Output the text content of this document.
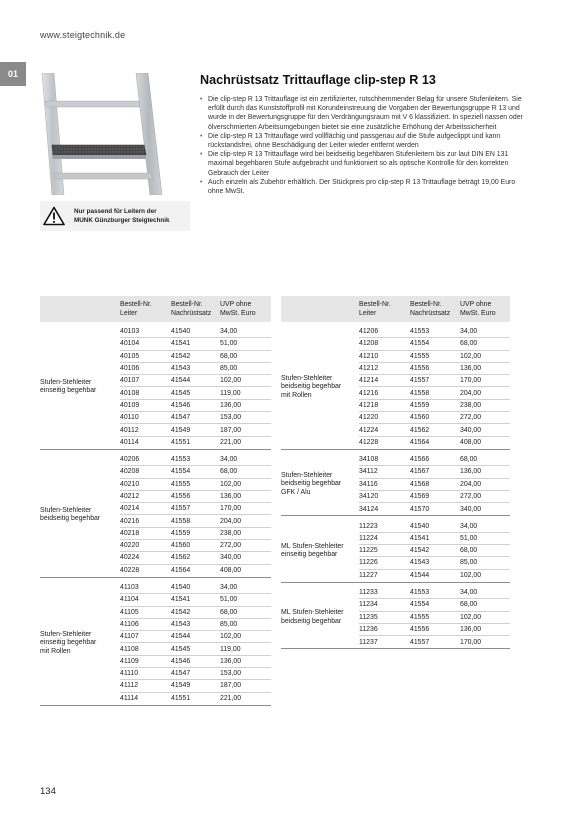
www.steigtechnik.de
01
Nur passend für Leitern der
MUNK Günzburger Steigtechnik
Nachrüstsatz Trittauflage clip-step R 13
• Die clip-step R 13 Trittauflage ist ein zertifizierter, rutschhemmender Belag für unsere Stufenleitern. Sie erfüllt durch das Kunststoffprofil mit Korundeinstreuung die Vorgaben der Bewertungsgruppe R 13 und wurde in der Bewertungsgruppe für den Verdrängungsraum mit V 6 klassifiziert. In speziell nassen oder ölverschmierten Arbeitsumgebungen bietet sie eine zusätzliche Erhöhung der Arbeitssicherheit
• Die clip-step R 13 Trittauflage wird vollflächig und passgenau auf die Stufe aufgeclippt und kann rückstandsfrei, ohne Beschädigung der Leiter wieder entfernt werden
• Die clip-step R 13 Trittauflage wird bei beidseitig begehbaren Stufenleitern bis zur laut DIN EN 131 maximal begehbaren Stufe aufgebracht und funktioniert so als optische Kontrolle für den korrekten Gebrauch der Leiter
• Auch einzeln als Zubehör erhältlich. Der Stückpreis pro clip-step R 13 Trittauflage beträgt 19,00 Euro ohne MwSt.
Bestell-Nr.
Leiter
Bestell-Nr.
Nachrüstsatz
UVP ohne
MwSt. Euro
Stufen-Stehleiter
einseitig begehbar
40103	41540	34,00
40104	41541	51,00
40105	41542	68,00
40106	41543	85,00
40107	41544	102,00
40108	41545	119,00
40109	41546	136,00
40110	41547	153,00
40112	41549	187,00
40114	41551	221,00
Stufen-Stehleiter
beidseitig begehbar
40206	41553	34,00
40208	41554	68,00
40210	41555	102,00
40212	41556	136,00
40214	41557	170,00
40216	41558	204,00
40218	41559	238,00
40220	41560	272,00
40224	41562	340,00
40228	41564	408,00
Stufen-Stehleiter
einseitig begehbar
mit Rollen
41103	41540	34,00
41104	41541	51,00
41105	41542	68,00
41106	41543	85,00
41107	41544	102,00
41108	41545	119,00
41109	41546	136,00
41110	41547	153,00
41112	41549	187,00
41114	41551	221,00
Bestell-Nr.
Leiter
Bestell-Nr.
Nachrüstsatz
UVP ohne
MwSt. Euro
Stufen-Stehleiter
beidseitig begehbar
mit Rollen
41206	41553	34,00
41208	41554	68,00
41210	41555	102,00
41212	41556	136,00
41214	41557	170,00
41216	41558	204,00
41218	41559	238,00
41220	41560	272,00
41224	41562	340,00
41228	41564	408,00
Stufen-Stehleiter
beidseitig begehbar
GFK / Alu
34108	41566	68,00
34112	41567	136,00
34116	41568	204,00
34120	41569	272,00
34124	41570	340,00
ML Stufen-Stehleiter
einseitig begehbar
11223	41540	34,00
11224	41541	51,00
11225	41542	68,00
11226	41543	85,00
11227	41544	102,00
ML Stufen-Stehleiter
beidseitig begehbar
11233	41553	34,00
11234	41554	68,00
11235	41555	102,00
11236	41556	136,00
11237	41557	170,00
134
